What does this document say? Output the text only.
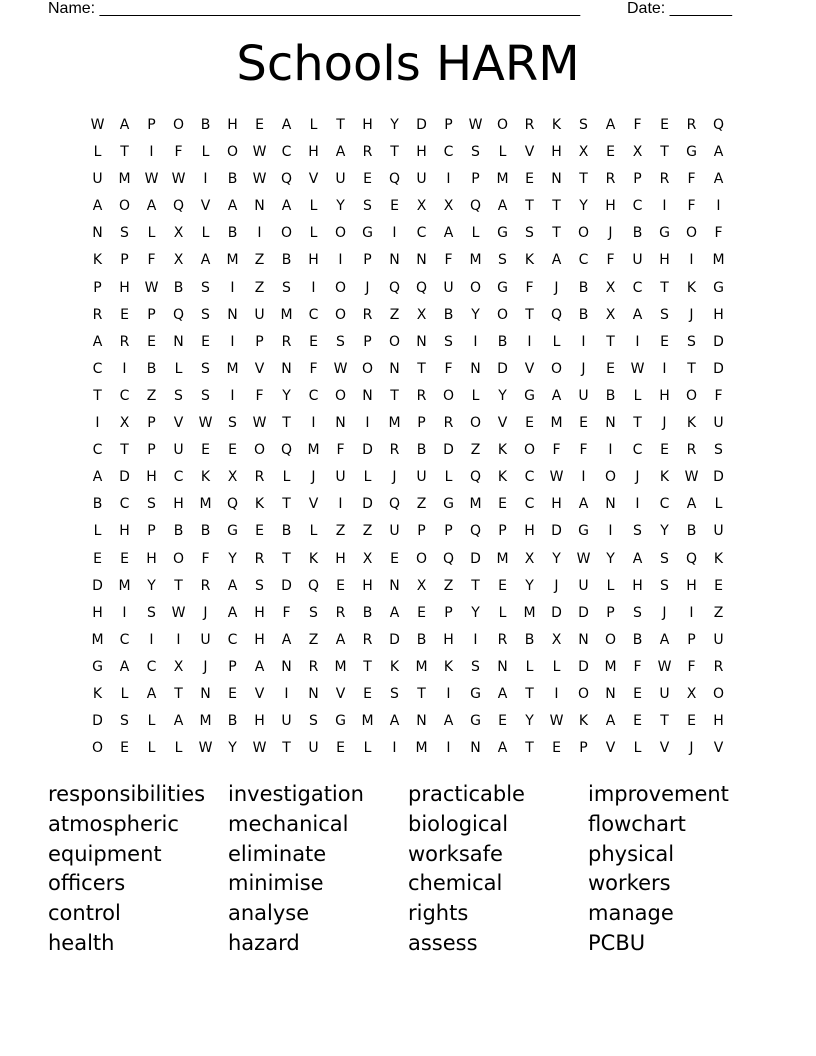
Name: ______________________________________________________	Date: _______
Schools HARM
W	A	P	O	B	H	E	A	L	T	H	Y	D	P	W	O	R	K	S	A	F	E	R	Q
L	T	I	F	L	O	W	C	H	A	R	T	H	C	S	L	V	H	X	E	X	T	G	A
U	M	W W	I	B	W	Q	V	U	E	Q	U	I	P	M	E	N	T	R	P	R	F	A
A	O	A	Q	V	A	N	A	L	Y	S	E	X	X	Q	A	T	T	Y	H	C	I	F	I
N	S	L	X	L	B	I	O	L	O	G	I	C	A	L	G	S	T	O	J	B	G	O	F
K	P	F	X	A	M	Z	B	H	I	P	N	N	F	M	S	K	A	C	F	U	H	I	M
P	H	W	B	S	I	Z	S	I	O	J	Q	Q	U	O	G	F	J	B	X	C	T	K	G
R	E	P	Q	S	N	U	M	C	O	R	Z	X	B	Y	O	T	Q	B	X	A	S	J	H
A	R	E	N	E	I	P	R	E	S	P	O	N	S	I	B	I	L	I	T	I	E	S	D
C	I	B	L	S	M	V	N	F	W	O	N	T	F	N	D	V	O	J	E	W	I	T	D
T	C	Z	S	S	I	F	Y	C	O	N	T	R	O	L	Y	G	A	U	B	L	H	O	F
I	X	P	V	W	S	W	T	I	N	I	M	P	R	O	V	E	M	E	N	T	J	K	U
C	T	P	U	E	E	O	Q	M	F	D	R	B	D	Z	K	O	F	F	I	C	E	R	S
A	D	H	C	K	X	R	L	J	U	L	J	U	L	Q	K	C	W	I	O	J	K	W	D
B	C	S	H	M	Q	K	T	V	I	D	Q	Z	G	M	E	C	H	A	N	I	C	A	L
L	H	P	B	B	G	E	B	L	Z	Z	U	P	P	Q	P	H	D	G	I	S	Y	B	U
E	E	H	O	F	Y	R	T	K	H	X	E	O	Q	D	M	X	Y	W	Y	A	S	Q	K
D	M	Y	T	R	A	S	D	Q	E	H	N	X	Z	T	E	Y	J	U	L	H	S	H	E
H	I	S	W	J	A	H	F	S	R	B	A	E	P	Y	L	M	D	D	P	S	J	I	Z
M	C	I	I	U	C	H	A	Z	A	R	D	B	H	I	R	B	X	N	O	B	A	P	U
G	A	C	X	J	P	A	N	R	M	T	K	M	K	S	N	L	L	D	M	F	W	F	R
K	L	A	T	N	E	V	I	N	V	E	S	T	I	G	A	T	I	O	N	E	U	X	O
D	S	L	A	M	B	H	U	S	G	M	A	N	A	G	E	Y	W	K	A	E	T	E	H
O	E	L	L	W	Y	W	T	U	E	L	I	M	I	N	A	T	E	P	V	L	V	J	V
responsibilities	investigation	practicable	improvement
atmospheric	mechanical	biological	flowchart
equipment	eliminate	worksafe	physical
officers	minimise	chemical	workers
control	analyse	rights	manage
health	hazard	assess	PCBU
